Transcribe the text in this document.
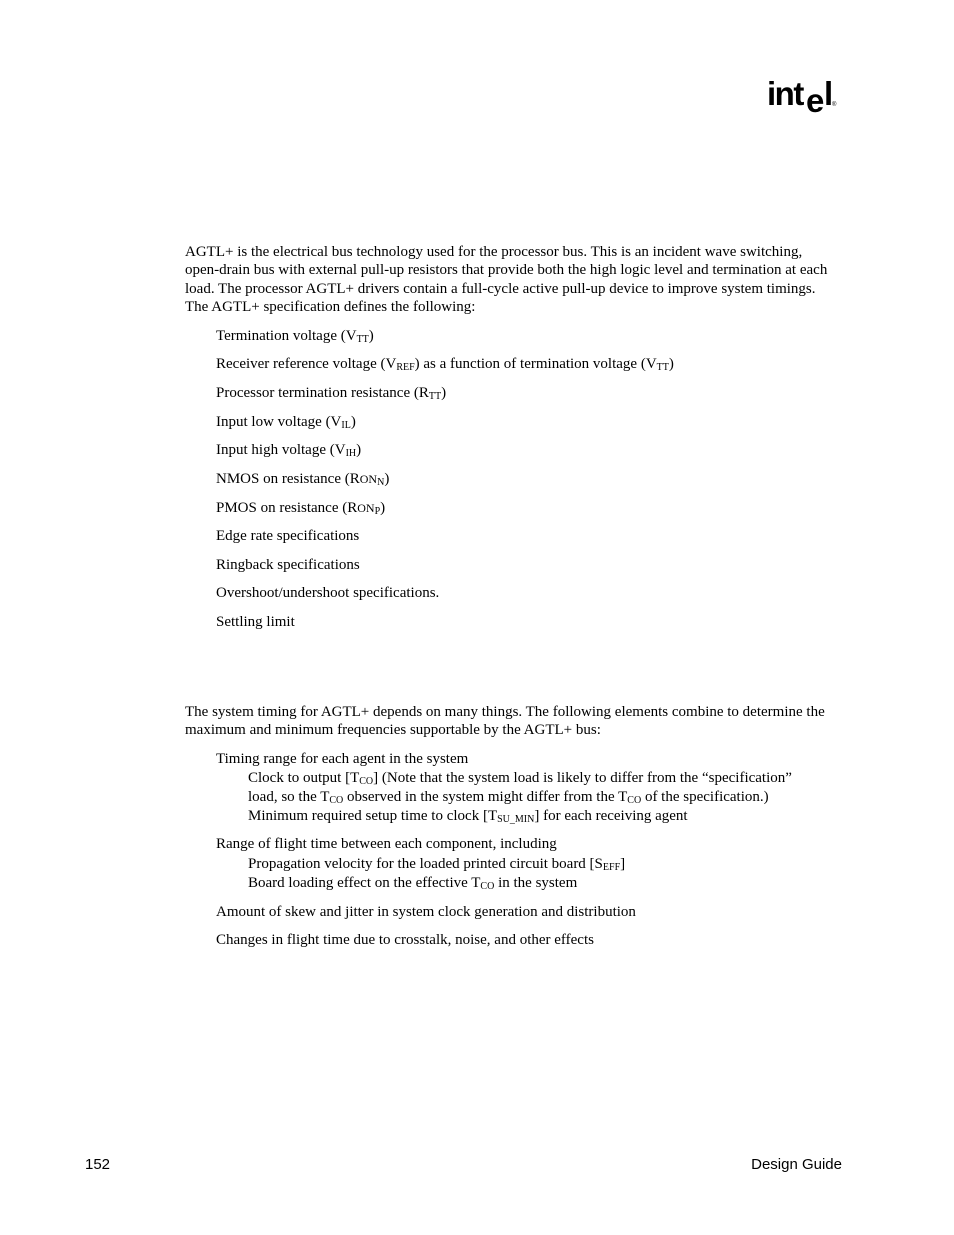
int e l
®

AGTL+ is the electrical bus technology used for the processor bus. This is an incident wave switching, open-drain bus with external pull-up resistors that provide both the high logic level and termination at each load. The processor AGTL+ drivers contain a full-cycle active pull-up device to improve system timings. The AGTL+ specification defines the following:

Termination voltage (VTT)
Receiver reference voltage (VREF) as a function of termination voltage (VTT)
Processor termination resistance (RTT)
Input low voltage (VIL)
Input high voltage (VIH)
NMOS on resistance (RONN)
PMOS on resistance (RONP)
Edge rate specifications
Ringback specifications
Overshoot/undershoot specifications.
Settling limit

The system timing for AGTL+ depends on many things. The following elements combine to determine the maximum and minimum frequencies supportable by the AGTL+ bus:

Timing range for each agent in the system
Clock to output [TCO] (Note that the system load is likely to differ from the “specification”
load, so the TCO observed in the system might differ from the TCO of the specification.)
Minimum required setup time to clock [TSU_MIN] for each receiving agent
Range of flight time between each component, including
Propagation velocity for the loaded printed circuit board [SEFF]
Board loading effect on the effective TCO in the system
Amount of skew and jitter in system clock generation and distribution
Changes in flight time due to crosstalk, noise, and other effects
152	Design Guide
